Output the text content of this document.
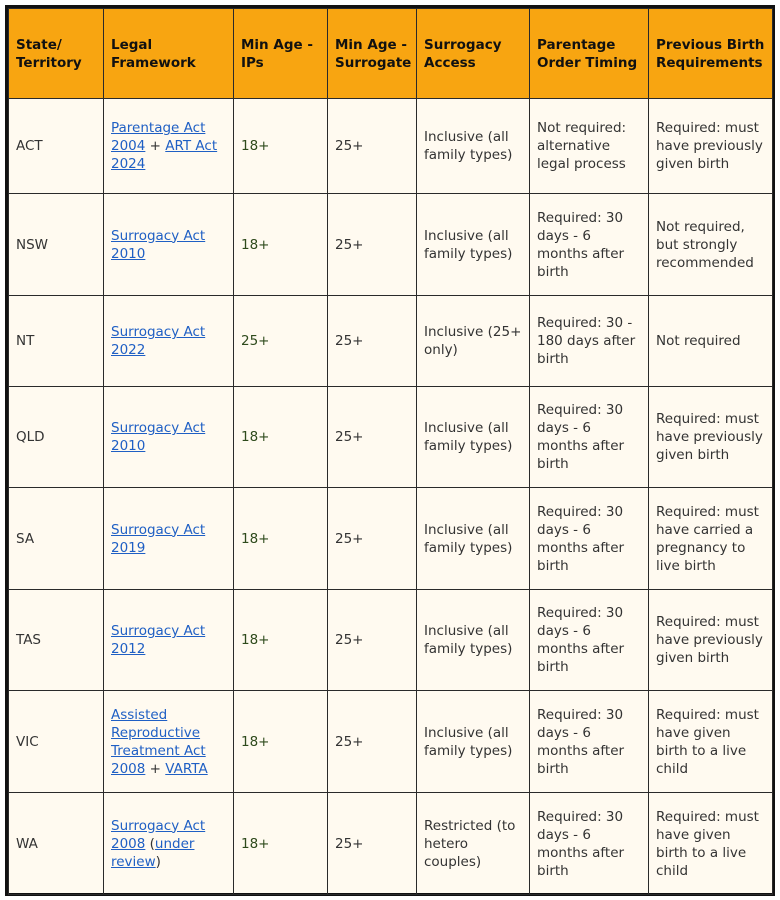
State/ Territory	Legal Framework	Min Age - IPs	Min Age - Surrogate	Surrogacy Access	Parentage Order Timing	Previous Birth Requirements
ACT	Parentage Act 2004 + ART Act 2024	18+	25+	Inclusive (all family types)	Not required: alternative legal process	Required: must have previously given birth
NSW	Surrogacy Act 2010	18+	25+	Inclusive (all family types)	Required: 30 days - 6 months after birth	Not required, but strongly recommended
NT	Surrogacy Act 2022	25+	25+	Inclusive (25+ only)	Required: 30 - 180 days after birth	Not required
QLD	Surrogacy Act 2010	18+	25+	Inclusive (all family types)	Required: 30 days - 6 months after birth	Required: must have previously given birth
SA	Surrogacy Act 2019	18+	25+	Inclusive (all family types)	Required: 30 days - 6 months after birth	Required: must have carried a pregnancy to live birth
TAS	Surrogacy Act 2012	18+	25+	Inclusive (all family types)	Required: 30 days - 6 months after birth	Required: must have previously given birth
VIC	Assisted Reproductive Treatment Act 2008 + VARTA	18+	25+	Inclusive (all family types)	Required: 30 days - 6 months after birth	Required: must have given birth to a live child
WA	Surrogacy Act 2008 (under review)	18+	25+	Restricted (to hetero couples)	Required: 30 days - 6 months after birth	Required: must have given birth to a live child
